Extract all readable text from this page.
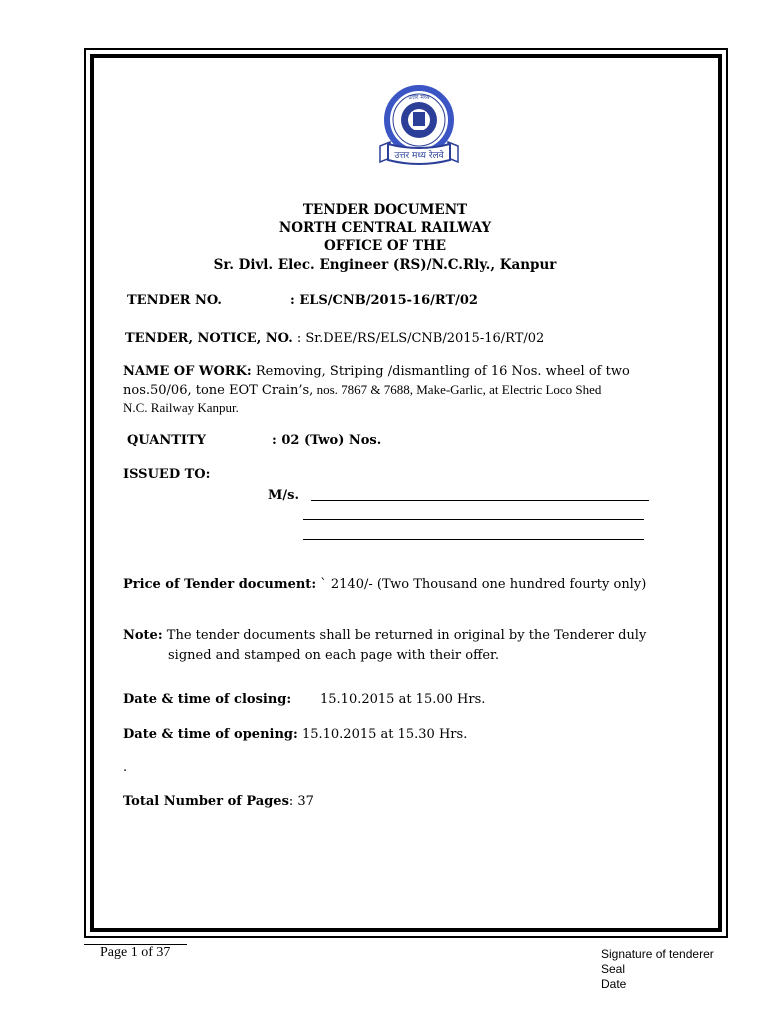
उत्तर मध्य रेलवे
उत्तर मध्य
TENDER DOCUMENT
NORTH CENTRAL RAILWAY
OFFICE OF THE
Sr. Divl. Elec. Engineer (RS)/N.C.Rly., Kanpur
TENDER NO.	: ELS/CNB/2015-16/RT/02
TENDER, NOTICE, NO. : Sr.DEE/RS/ELS/CNB/2015-16/RT/02
NAME OF WORK: Removing, Striping /dismantling of 16 Nos. wheel of two
nos.50/06, tone EOT Crain’s, nos. 7867 & 7688, Make-Garlic, at Electric Loco Shed
N.C. Railway Kanpur.
QUANTITY	: 02 (Two) Nos.
ISSUED TO:
M/s.
Price of Tender document: ` 2140/- (Two Thousand one hundred fourty only)
Note: The tender documents shall be returned in original by the Tenderer duly
signed and stamped on each page with their offer.
Date & time of closing: 15.10.2015 at 15.00 Hrs.
Date & time of opening: 15.10.2015 at 15.30 Hrs.
.
Total Number of Pages: 37
Page 1 of 37	Signature of tenderer
Seal
Date
